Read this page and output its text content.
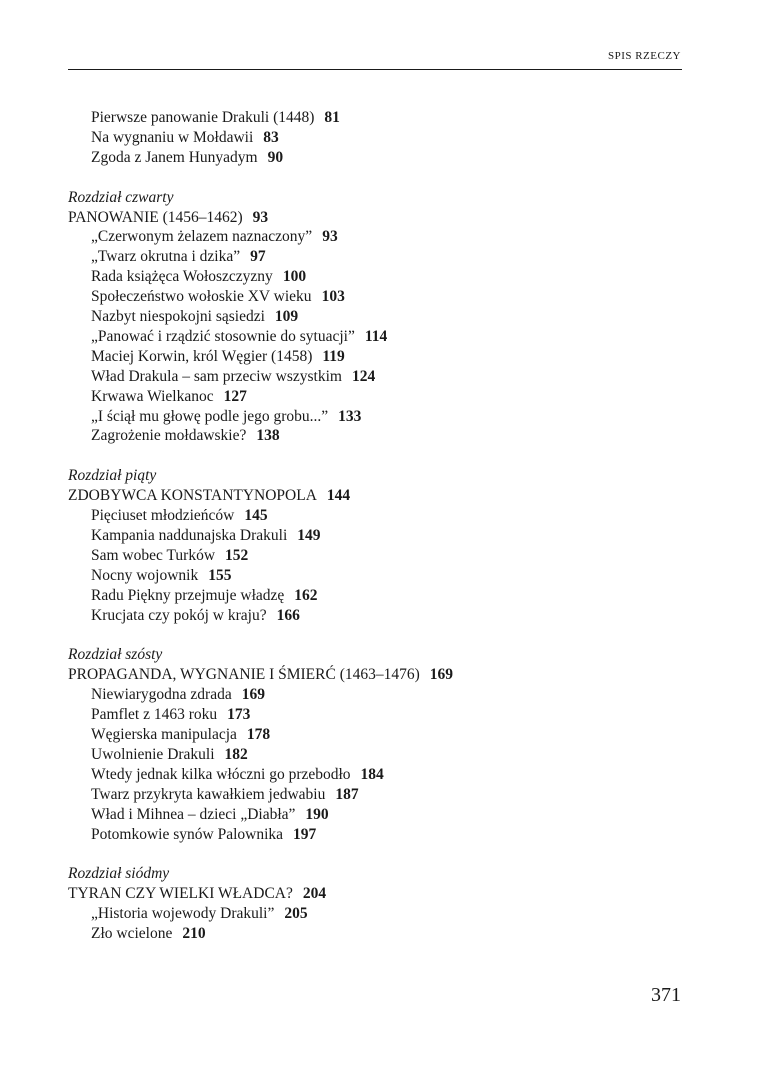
SPIS RZECZY
Pierwsze panowanie Drakuli (1448) 81
Na wygnaniu w Mołdawii 83
Zgoda z Janem Hunyadym 90
Rozdział czwarty
PANOWANIE (1456–1462) 93
„Czerwonym żelazem naznaczony” 93
„Twarz okrutna i dzika” 97
Rada książęca Wołoszczyzny 100
Społeczeństwo wołoskie XV wieku 103
Nazbyt niespokojni sąsiedzi 109
„Panować i rządzić stosownie do sytuacji” 114
Maciej Korwin, król Węgier (1458) 119
Wład Drakula – sam przeciw wszystkim 124
Krwawa Wielkanoc 127
„I ściął mu głowę podle jego grobu...” 133
Zagrożenie mołdawskie? 138
Rozdział piąty
ZDOBYWCA KONSTANTYNOPOLA 144
Pięciuset młodzieńców 145
Kampania naddunajska Drakuli 149
Sam wobec Turków 152
Nocny wojownik 155
Radu Piękny przejmuje władzę 162
Krucjata czy pokój w kraju? 166
Rozdział szósty
PROPAGANDA, WYGNANIE I ŚMIERĆ (1463–1476) 169
Niewiarygodna zdrada 169
Pamflet z 1463 roku 173
Węgierska manipulacja 178
Uwolnienie Drakuli 182
Wtedy jednak kilka włóczni go przebodło 184
Twarz przykryta kawałkiem jedwabiu 187
Wład i Mihnea – dzieci „Diabła” 190
Potomkowie synów Palownika 197
Rozdział siódmy
TYRAN CZY WIELKI WŁADCA? 204
„Historia wojewody Drakuli” 205
Zło wcielone 210
371
